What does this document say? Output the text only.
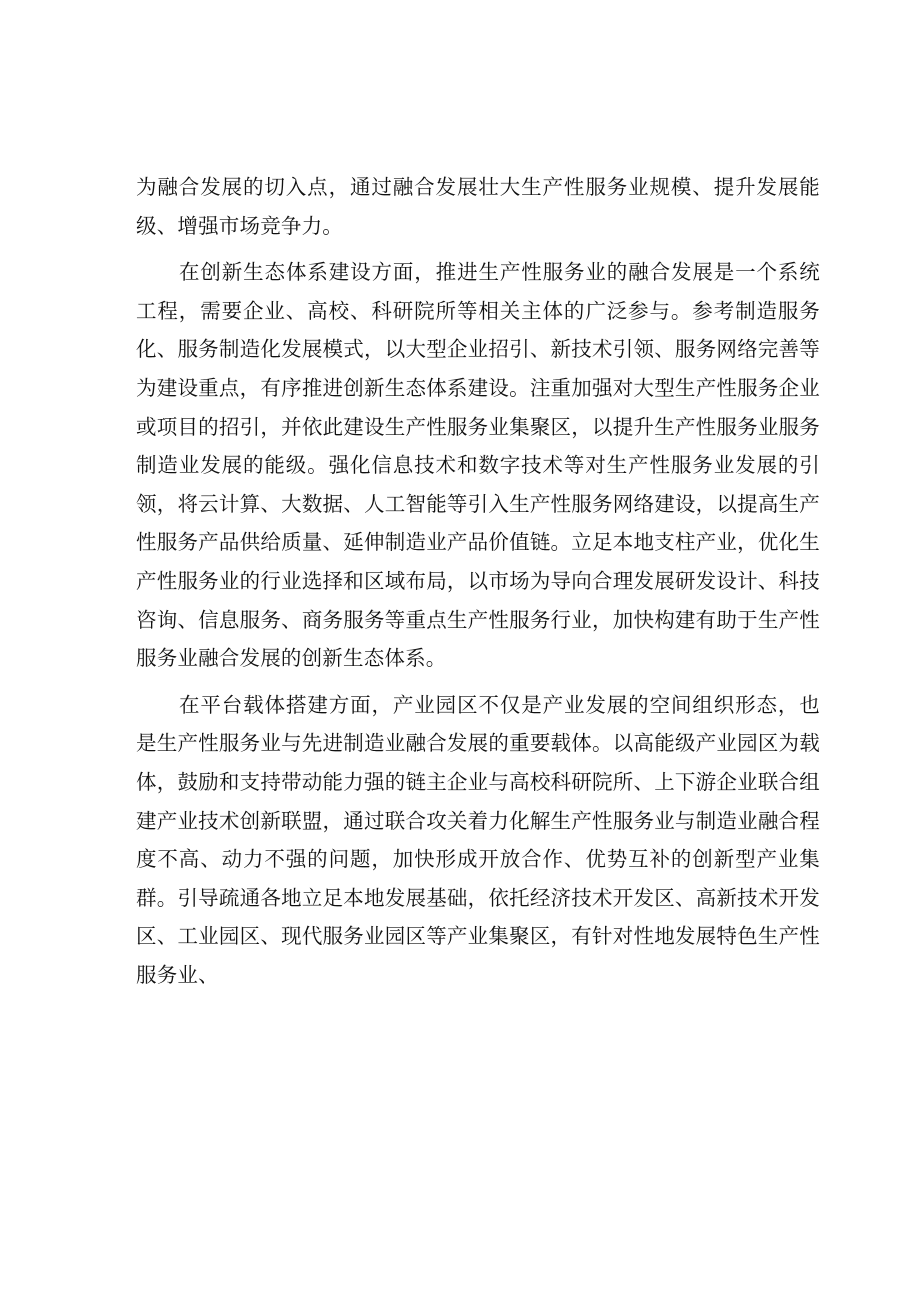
为融合发展的切入点，通过融合发展壮大生产性服务业规模、提升发展能级、增强市场竞争力。

在创新生态体系建设方面，推进生产性服务业的融合发展是一个系统工程，需要企业、高校、科研院所等相关主体的广泛参与。参考制造服务化、服务制造化发展模式，以大型企业招引、新技术引领、服务网络完善等为建设重点，有序推进创新生态体系建设。注重加强对大型生产性服务企业或项目的招引，并依此建设生产性服务业集聚区，以提升生产性服务业服务制造业发展的能级。强化信息技术和数字技术等对生产性服务业发展的引领，将云计算、大数据、人工智能等引入生产性服务网络建设，以提高生产性服务产品供给质量、延伸制造业产品价值链。立足本地支柱产业，优化生产性服务业的行业选择和区域布局，以市场为导向合理发展研发设计、科技咨询、信息服务、商务服务等重点生产性服务行业，加快构建有助于生产性服务业融合发展的创新生态体系。

在平台载体搭建方面，产业园区不仅是产业发展的空间组织形态，也是生产性服务业与先进制造业融合发展的重要载体。以高能级产业园区为载体，鼓励和支持带动能力强的链主企业与高校科研院所、上下游企业联合组建产业技术创新联盟，通过联合攻关着力化解生产性服务业与制造业融合程度不高、动力不强的问题，加快形成开放合作、优势互补的创新型产业集群。引导疏通各地立足本地发展基础，依托经济技术开发区、高新技术开发区、工业园区、现代服务业园区等产业集聚区，有针对性地发展特色生产性服务业、
